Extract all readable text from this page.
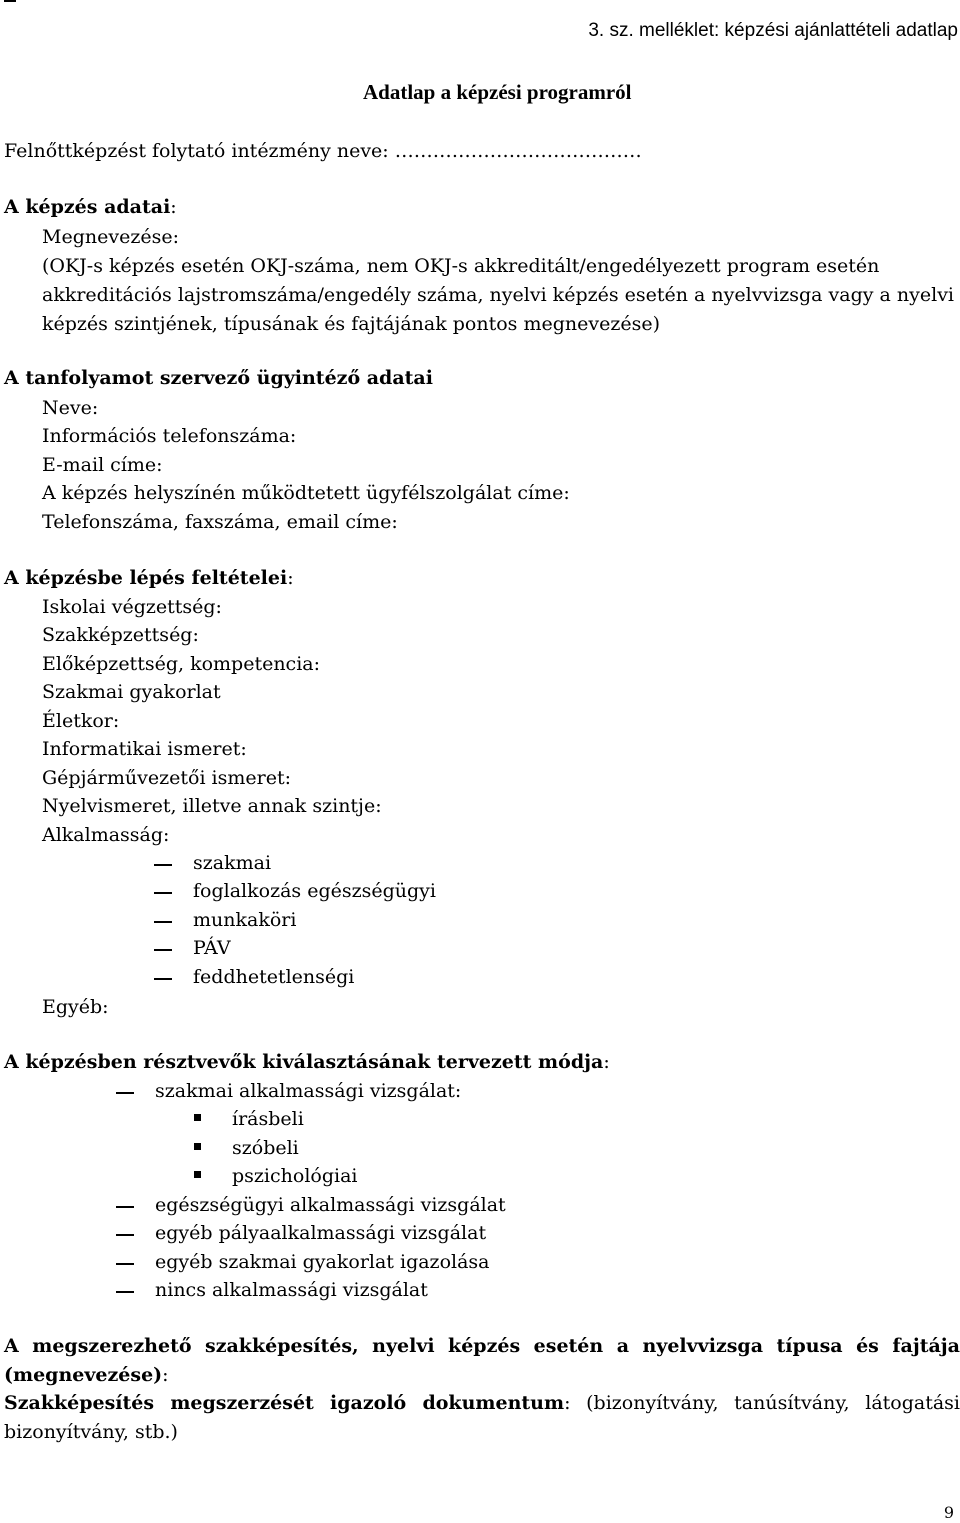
3. sz. melléklet: képzési ajánlattételi adatlap
Adatlap a képzési programról
Felnőttképzést folytató intézmény neve: …………………………………
A képzés adatai:
Megnevezése:
(OKJ-s képzés esetén OKJ-száma, nem OKJ-s akkreditált/engedélyezett program esetén
akkreditációs lajstromszáma/engedély száma, nyelvi képzés esetén a nyelvvizsga vagy a nyelvi
képzés szintjének, típusának és fajtájának pontos megnevezése)
A tanfolyamot szervező ügyintéző adatai
Neve:
Információs telefonszáma:
E-mail címe:
A képzés helyszínén működtetett ügyfélszolgálat címe:
Telefonszáma, faxszáma, email címe:
A képzésbe lépés feltételei:
Iskolai végzettség:
Szakképzettség:
Előképzettség, kompetencia:
Szakmai gyakorlat
Életkor:
Informatikai ismeret:
Gépjárművezetői ismeret:
Nyelvismeret, illetve annak szintje:
Alkalmasság:
szakmai
foglalkozás egészségügyi
munkaköri
PÁV
feddhetetlenségi
Egyéb:
A képzésben résztvevők kiválasztásának tervezett módja:
szakmai alkalmassági vizsgálat:
írásbeli
szóbeli
pszichológiai
egészségügyi alkalmassági vizsgálat
egyéb pályaalkalmassági vizsgálat
egyéb szakmai gyakorlat igazolása
nincs alkalmassági vizsgálat
A megszerezhető szakképesítés, nyelvi képzés esetén a nyelvvizsga típusa és fajtája
(megnevezése):
Szakképesítés megszerzését igazoló dokumentum: (bizonyítvány, tanúsítvány, látogatási
bizonyítvány, stb.)
9
